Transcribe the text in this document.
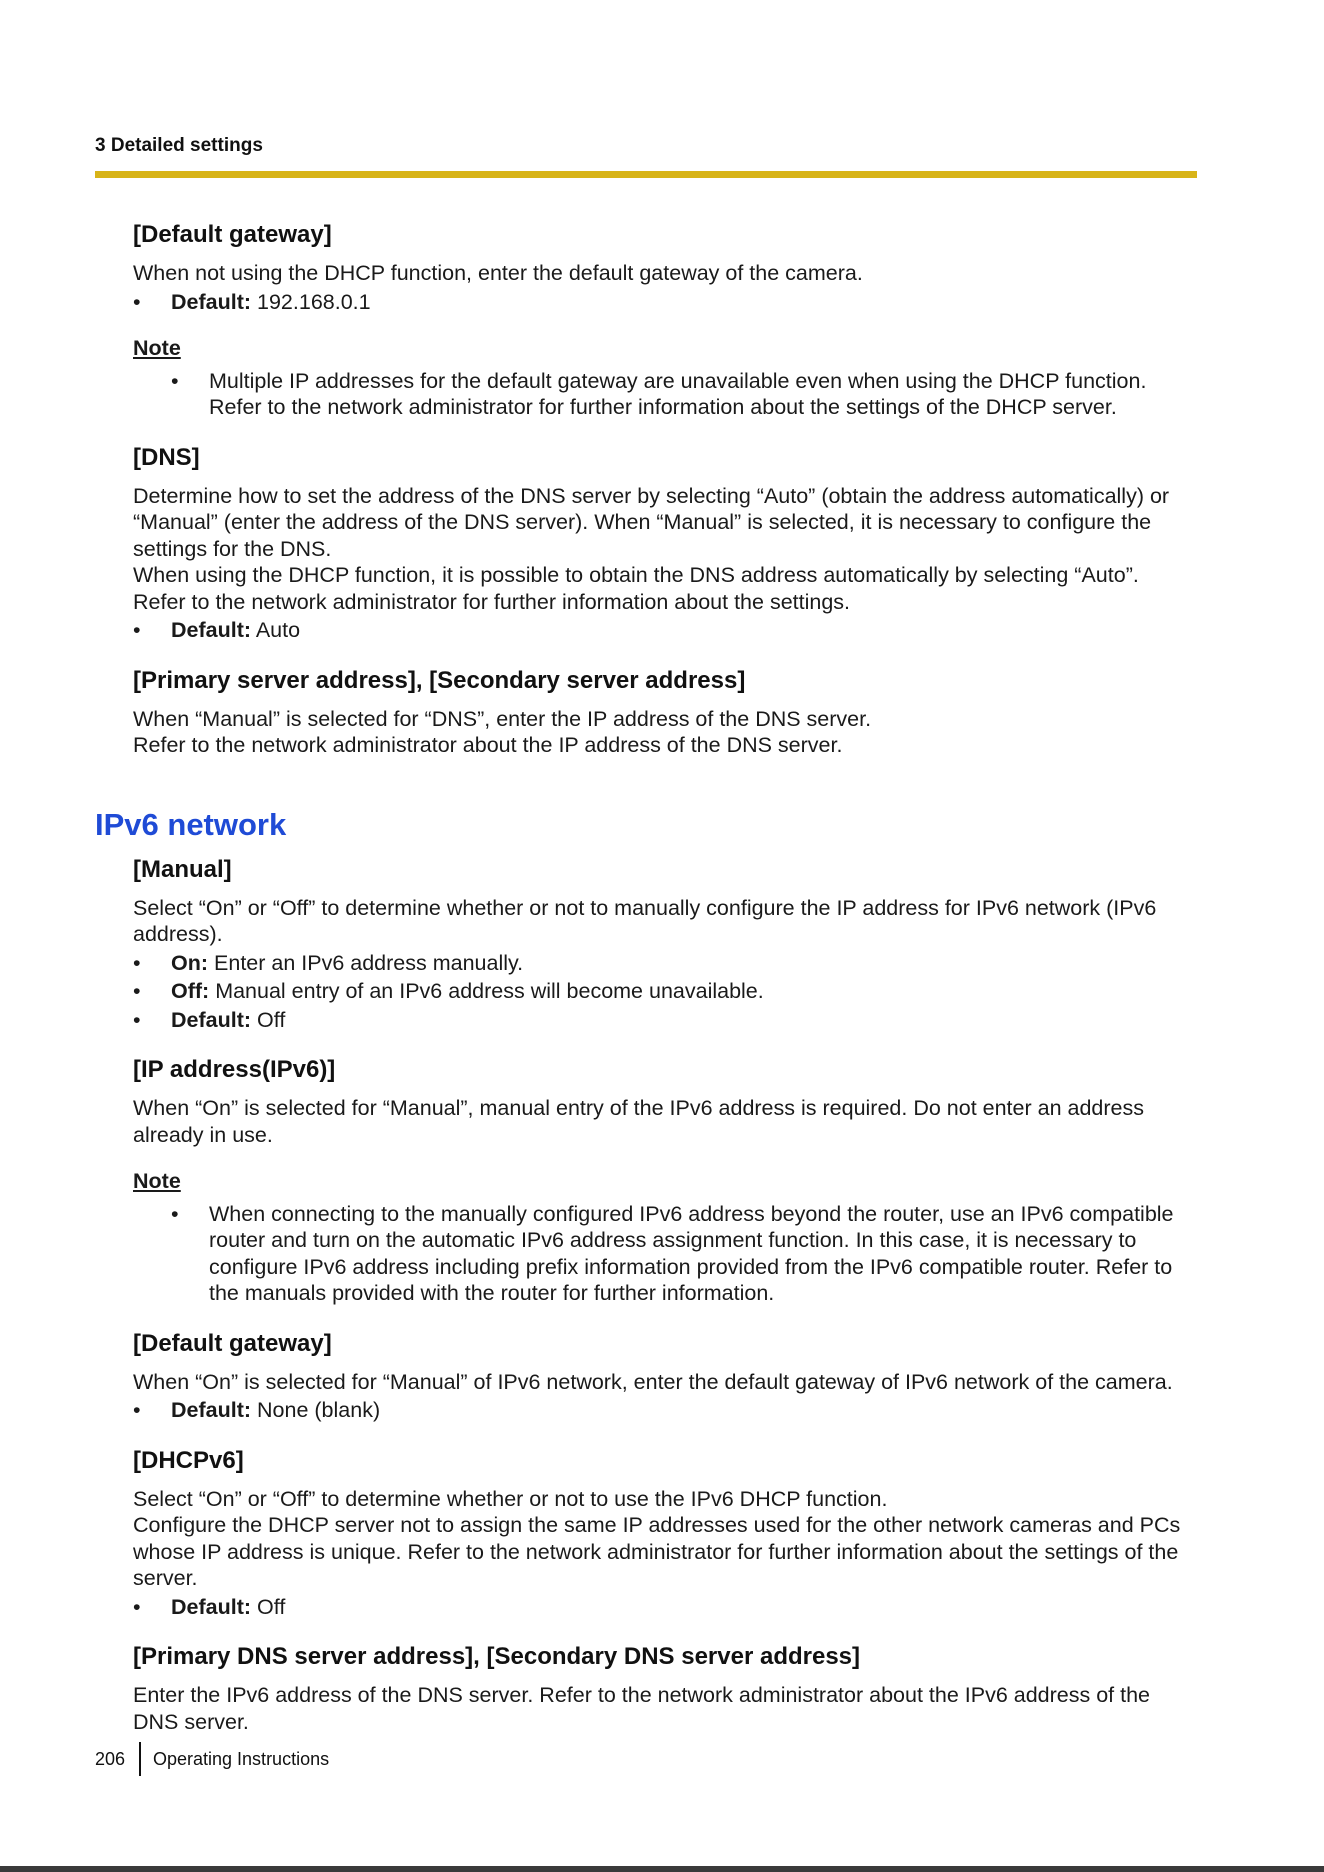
3 Detailed settings
[Default gateway]

When not using the DHCP function, enter the default gateway of the camera.

• Default: 192.168.0.1
Note
• Multiple IP addresses for the default gateway are unavailable even when using the DHCP function. Refer to the network administrator for further information about the settings of the DHCP server.
[DNS]

Determine how to set the address of the DNS server by selecting “Auto” (obtain the address automatically) or “Manual” (enter the address of the DNS server). When “Manual” is selected, it is necessary to configure the settings for the DNS.

When using the DHCP function, it is possible to obtain the DNS address automatically by selecting “Auto”.

Refer to the network administrator for further information about the settings.

• Default: Auto
[Primary server address], [Secondary server address]

When “Manual” is selected for “DNS”, enter the IP address of the DNS server.

Refer to the network administrator about the IP address of the DNS server.

IPv6 network
[Manual]

Select “On” or “Off” to determine whether or not to manually configure the IP address for IPv6 network (IPv6 address).

• On: Enter an IPv6 address manually.
• Off: Manual entry of an IPv6 address will become unavailable.
• Default: Off
[IP address(IPv6)]

When “On” is selected for “Manual”, manual entry of the IPv6 address is required. Do not enter an address already in use.

Note
• When connecting to the manually configured IPv6 address beyond the router, use an IPv6 compatible router and turn on the automatic IPv6 address assignment function. In this case, it is necessary to configure IPv6 address including prefix information provided from the IPv6 compatible router. Refer to the manuals provided with the router for further information.
[Default gateway]

When “On” is selected for “Manual” of IPv6 network, enter the default gateway of IPv6 network of the camera.

• Default: None (blank)
[DHCPv6]

Select “On” or “Off” to determine whether or not to use the IPv6 DHCP function.

Configure the DHCP server not to assign the same IP addresses used for the other network cameras and PCs whose IP address is unique. Refer to the network administrator for further information about the settings of the server.

• Default: Off
[Primary DNS server address], [Secondary DNS server address]

Enter the IPv6 address of the DNS server. Refer to the network administrator about the IPv6 address of the DNS server.

206	Operating Instructions
